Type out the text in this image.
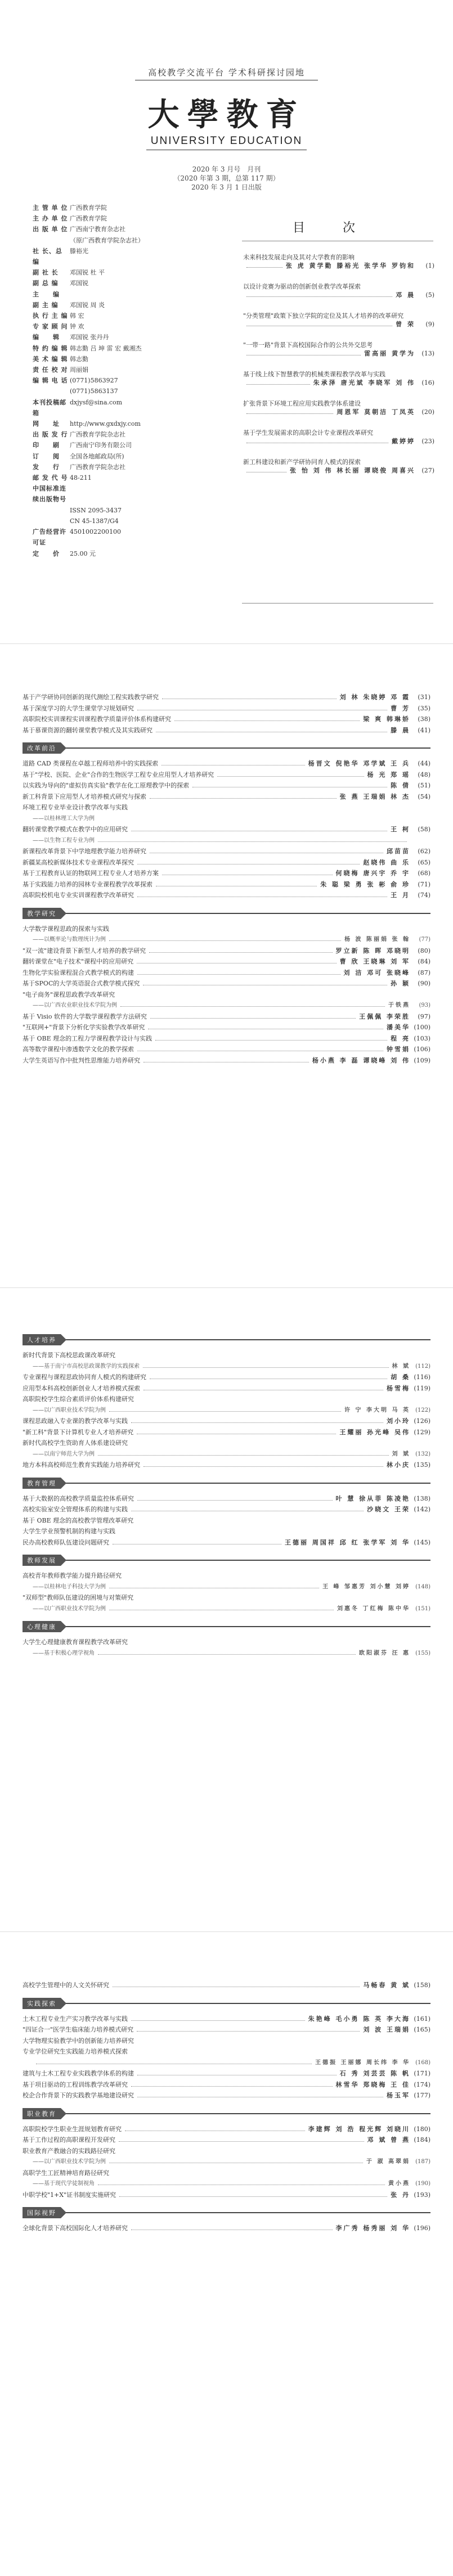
高校教学交流平台 学术科研探讨园地
大學教育
UNIVERSITY EDUCATION
2020 年 3 月号　月刊
（2020 年第 3 期，总第 117 期）
2020 年 3 月 1 日出版
主 管 单 位 广西教育学院
主 办 单 位 广西教育学院
出 版 单 位 广西南宁教育杂志社
（原广西教育学院杂志社）
社 长、总 编
滕裕光
副 社 长	邓国锐 杜 平
副 总 编	邓国锐
主　　编
副 主 编	邓国锐 周 炎
执 行 主 编 韩 宏
专 家 顾 问 钟 欢
编　　辑	邓国锐 张丹丹
特 约 编 辑 韩志勤 吕 坤 雷 宏 戴湘杰
美 术 编 辑 韩志勤
责 任 校 对 周丽娟
编 辑 电 话 (0771)5863927
(0771)5863137
本刊投稿邮箱
dxjysf@sina.com
网　　址	http://www.gxdxjy.com
出 版 发 行 广西教育学院杂志社
印　　刷	广西南宁印务有限公司
订　　阅	全国各地邮政局(所)
发　　行	广西教育学院杂志社
邮 发 代 号 48-211
中国标准连续出版物号
ISSN 2095-3437
CN 45-1387/G4
广告经营许可证
4501002200100
定　　价	25.00 元
目 次
未来科技发展走向及其对大学教育的影响
张 虎 黄学勤 滕裕光 张学华 罗钧和	(1)
以设计竞赛为驱动的创新创业教学改革探索
邓 晨	(5)
"分类管理"政策下独立学院的定位及其人才培养的改革研究
曾 荣	(9)
"一带一路"背景下高校国际合作的公共外交思考
雷高丽 黄学为	(13)
基于线上线下智慧教学的机械类课程教学改革与实践
朱承泽 唐光斌 李晓军 刘 伟	(16)
扩张背景下环境工程应用实践教学体系建设
周恩军 莫朝洁 丁凤英	(20)
基于学生发展需求的高职会计专业课程改革研究
戴婷婷	(23)
新工科建设和新产学研协同育人模式的探索
张 怡 刘 伟 林长丽 谭晓俊 周喜兴	(27)
基于产学研协同创新的现代测绘工程实践教学研究	刘 林 朱晓婷 邓 霞	(31)
基于深度学习的大学生课堂学习规划研究	曹 芳	(35)
高职院校实训课程实训课程教学质量评价体系构建研究	梁 爽 韩琳娇	(38)
基于慕课资源的翻转课堂教学模式及其实践研究	滕 晨	(41)
改革前沿
道路 CAD 类课程在卓越工程师培养中的实践探索	杨晋文 倪艳华 邓学斌 王 兵	(44)
基于"学校、医院、企业"合作的生物医学工程专业应用型人才培养研究	杨 光 郑 瑶	(48)
以实践为导向的"虚拟仿真实验"教学在化工原理教学中的探索	陈 倩	(51)
新工科背景下应用型人才培养模式研究与探索	张 燕 王瑞娟 林 杰	(54)
环境工程专业毕业设计教学改革与实践
——以桂林理工大学为例
翻转课堂教学模式在教学中的应用研究	王 柯	(58)
——以生物工程专业为例
新课程改革背景下中学地理教学能力培养研究	邱苗苗	(62)
新疆某高校新媒体技术专业课程改革探究	赵晓伟 曲 乐	(65)
基于工程教育认证的物联网工程专业人才培养方案	何晓梅 唐兴宇 乔 宇	(68)
基于实践能力培养的园林专业课程教学改革探索	朱 聪 梁 勇 张 彬 俞 珍	(71)
高职院校机电专业实训课程教学改革研究	王 月	(74)
教学研究
大学数学课程思政的探索与实践
——以概率论与数理统计为例	杨 波 陈丽娟 张 翰	(77)
"双一流"建设背景下新型人才培养的教学研究	罗立新 陈 晖 邓晓明	(80)
翻转课堂在"电子技术"课程中的应用研究	曹 欣 王晓琳 刘 军	(84)
生物化学实验课程混合式教学模式的构建	刘 洁 邓可 张晓峰	(87)
基于SPOC的大学英语混合式教学模式探究	孙 颖	(90)
"电子商务"课程思政教学改革研究
——以广西农业职业技术学院为例	于铁燕	(93)
基于 Visio 软件的大学数学课程教学方法研究	王佩佩 李荣胜	(97)
"互联网+"背景下分析化学实验教学改革研究	潘美华 (100)
基于 OBE 理念的工程力学课程教学设计与实践	程 亮 (103)
高等数学课程中渗透数学文化的教学探索	钟雪娟 (106)
大学生英语写作中批判性思维能力培养研究	杨小燕 李 磊 谭晓峰 刘 伟 (109)
人才培养
新时代背景下高校思政课改革研究
——基于南宁市高校思政课教学的实践探索	林 斌 (112)
专业课程与课程思政协同育人模式的构建研究	胡 桑 (116)
应用型本科高校创新创业人才培养模式探索	杨雪梅 (119)
高职院校学生综合素质评价体系构建研究
——以广西职业技术学院为例	许 宁 李大明 马 英 (122)
课程思政融入专业课的教学改革与实践	刘小玲 (126)
"新工科"背景下计算机专业人才培养研究	王耀丽 孙光峰 吴伟 (129)
新时代高校学生资助育人体系建设研究
——以南宁师范大学为例	刘 斌 (132)
地方本科高校师范生教育实践能力培养研究	林小庆 (135)
教育管理
基于大数据的高校教学质量监控体系研究	叶 慧 徐从菲 陈凌艳 (138)
高校实验室安全管理体系的构建与实践	沙晓文 王荣 (142)
基于 OBE 理念的高校教学管理改革研究
大学生学业预警机制的构建与实践
民办高校教师队伍建设问题研究	王德丽 周国祥 邱 红 张学军 刘 华 (145)
教师发展
高校青年教师教学能力提升路径研究
——以桂林电子科技大学为例	王 峰 邹惠芳 刘小慧 刘婷 (148)
"双师型"教师队伍建设的困境与对策研究
——以广西职业技术学院为例	刘惠冬 丁红梅 陈中华 (151)
心理健康
大学生心理健康教育课程教学改革研究
——基于积极心理学视角	欧阳淑芬 汪 惠 (155)
高校学生管理中的人文关怀研究	马畅春 黄 斌 (158)
实践探索
土木工程专业生产实习教学改革与实践	朱艳峰 毛小勇 陈 英 李大海 (161)
"四证合一"医学生临床能力培养模式研究	刘 波 王瑞娟 (165)
大学物理实验教学中的创新能力培养研究
专业学位研究生实践能力培养模式探索
王德振 王丽娜 周长纬 李 华 (168)
建筑与土木工程专业实践教学体系的构建	石 秀 刘芸芸 陈 帆 (171)
基于项目驱动的工程训练教学改革研究	林雪华 郑晓梅 王 佳 (174)
校企合作背景下的实践教学基地建设研究	杨玉军 (177)
职业教育
高职院校学生职业生涯规划教育研究	李建辉 刘 浩 程光辉 刘晓川 (180)
基于工作过程的高职课程开发研究	邓 斌 曾 燕 (184)
职业教育产教融合的实践路径研究
——以广西职业技术学院为例	于 淑 高翠娟 (187)
高职学生工匠精神培育路径研究
——基于现代学徒制视角	黄小燕 (190)
中职学校"1+X"证书制度实施研究	张 丹 (193)
国际视野
全球化背景下高校国际化人才培养研究	李广秀 杨秀丽 刘 华 (196)
